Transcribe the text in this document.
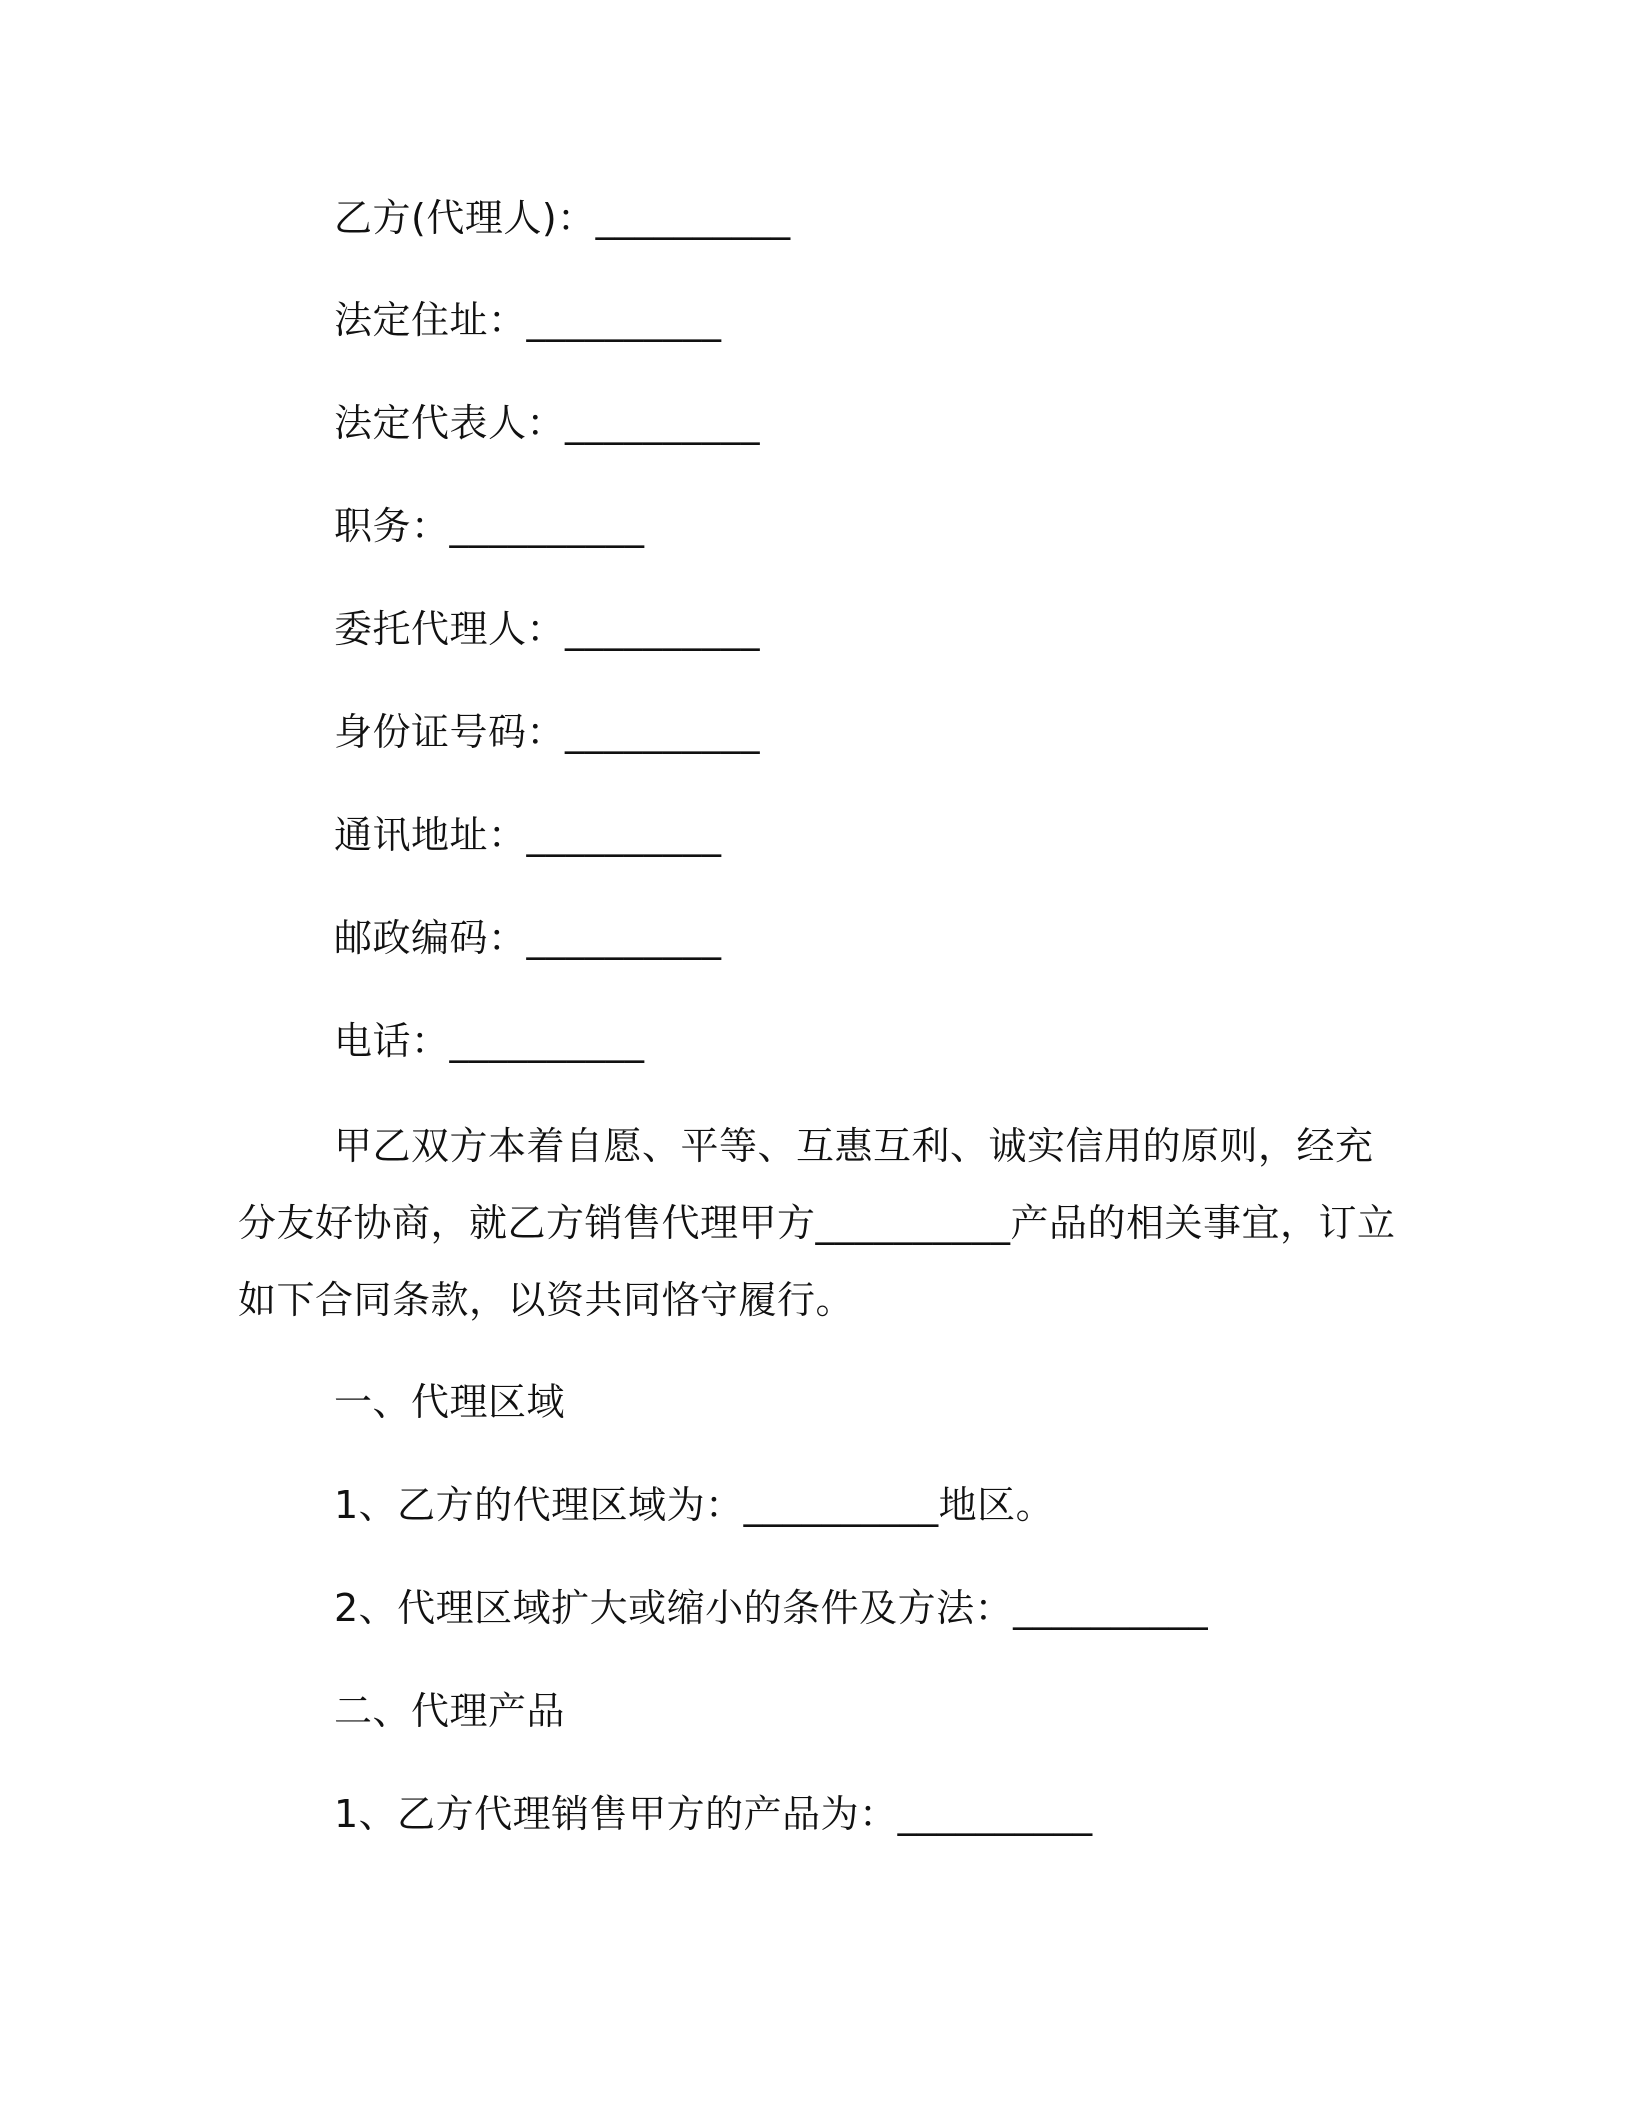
乙方(代理人)：__________
法定住址：__________
法定代表人：__________
职务：__________
委托代理人：__________
身份证号码：__________
通讯地址：__________
邮政编码：__________
电话：__________
甲乙双方本着自愿、平等、互惠互利、诚实信用的原则，经充分友好协商，就乙方销售代理甲方__________产品的相关事宜，订立如下合同条款，以资共同恪守履行。
一、代理区域
1、乙方的代理区域为：__________地区。
2、代理区域扩大或缩小的条件及方法：__________
二、代理产品
1、乙方代理销售甲方的产品为：__________
